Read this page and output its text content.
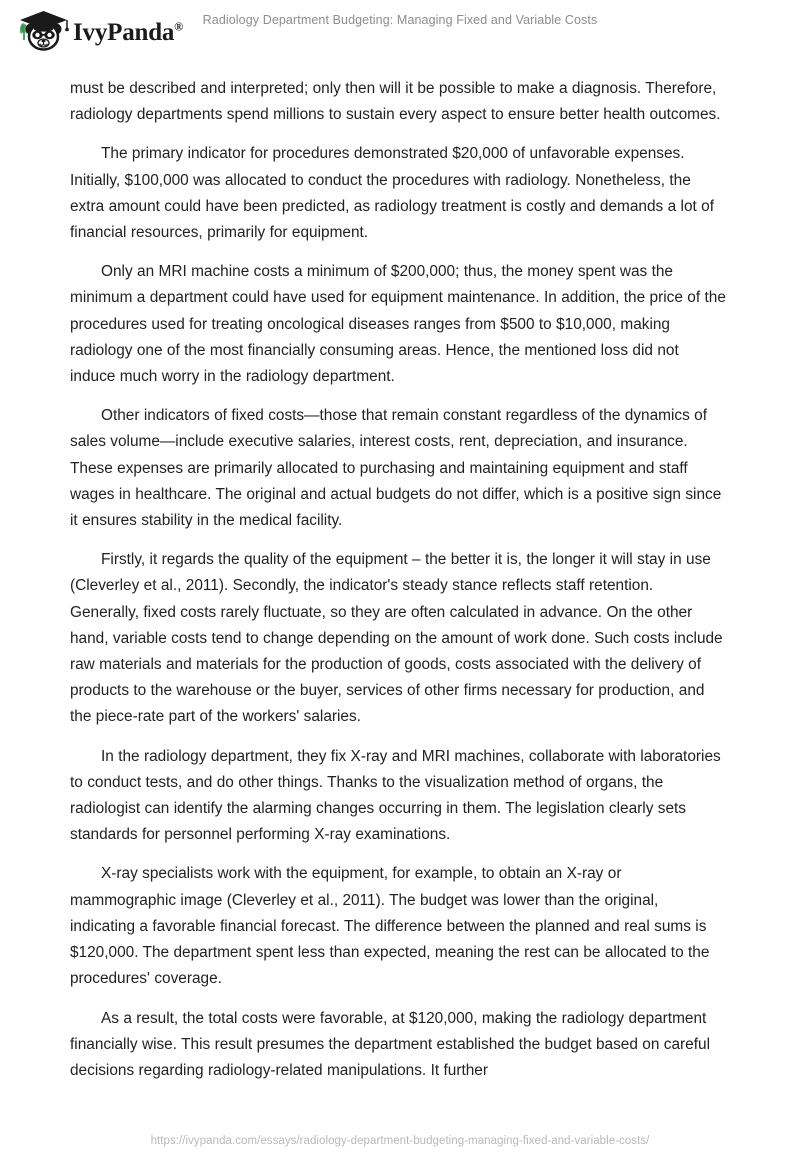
IvyPanda®	Radiology Department Budgeting: Managing Fixed and Variable Costs

must be described and interpreted; only then will it be possible to make a diagnosis. Therefore, radiology departments spend millions to sustain every aspect to ensure better health outcomes.

The primary indicator for procedures demonstrated $20,000 of unfavorable expenses. Initially, $100,000 was allocated to conduct the procedures with radiology. Nonetheless, the extra amount could have been predicted, as radiology treatment is costly and demands a lot of financial resources, primarily for equipment.

Only an MRI machine costs a minimum of $200,000; thus, the money spent was the minimum a department could have used for equipment maintenance. In addition, the price of the procedures used for treating oncological diseases ranges from $500 to $10,000, making radiology one of the most financially consuming areas. Hence, the mentioned loss did not induce much worry in the radiology department.

Other indicators of fixed costs—those that remain constant regardless of the dynamics of sales volume—include executive salaries, interest costs, rent, depreciation, and insurance. These expenses are primarily allocated to purchasing and maintaining equipment and staff wages in healthcare. The original and actual budgets do not differ, which is a positive sign since it ensures stability in the medical facility.

Firstly, it regards the quality of the equipment – the better it is, the longer it will stay in use (Cleverley et al., 2011). Secondly, the indicator's steady stance reflects staff retention. Generally, fixed costs rarely fluctuate, so they are often calculated in advance. On the other hand, variable costs tend to change depending on the amount of work done. Such costs include raw materials and materials for the production of goods, costs associated with the delivery of products to the warehouse or the buyer, services of other firms necessary for production, and the piece-rate part of the workers' salaries.

In the radiology department, they fix X-ray and MRI machines, collaborate with laboratories to conduct tests, and do other things. Thanks to the visualization method of organs, the radiologist can identify the alarming changes occurring in them. The legislation clearly sets standards for personnel performing X-ray examinations.

X-ray specialists work with the equipment, for example, to obtain an X-ray or mammographic image (Cleverley et al., 2011). The budget was lower than the original, indicating a favorable financial forecast. The difference between the planned and real sums is $120,000. The department spent less than expected, meaning the rest can be allocated to the procedures' coverage.

As a result, the total costs were favorable, at $120,000, making the radiology department financially wise. This result presumes the department established the budget based on careful decisions regarding radiology-related manipulations. It further

https://ivypanda.com/essays/radiology-department-budgeting-managing-fixed-and-variable-costs/
